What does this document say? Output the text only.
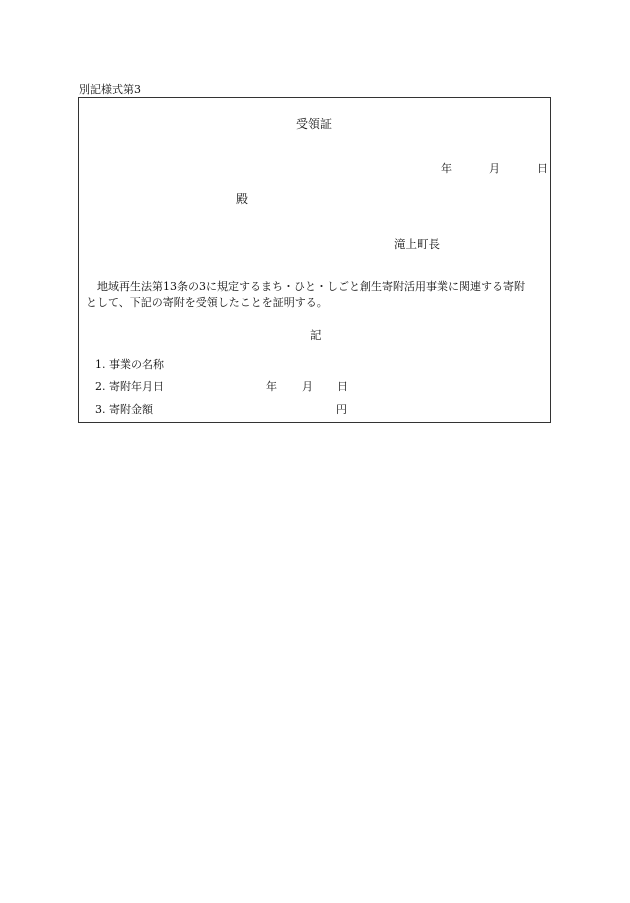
別記様式第3
受領証
年	月	日
殿
滝上町長
地域再生法第13条の3に規定するまち・ひと・しごと創生寄附活用事業に関連する寄附
として、下記の寄附を受領したことを証明する。
記
1. 事業の名称
2. 寄附年月日	年 月 日
3. 寄附金額	円
